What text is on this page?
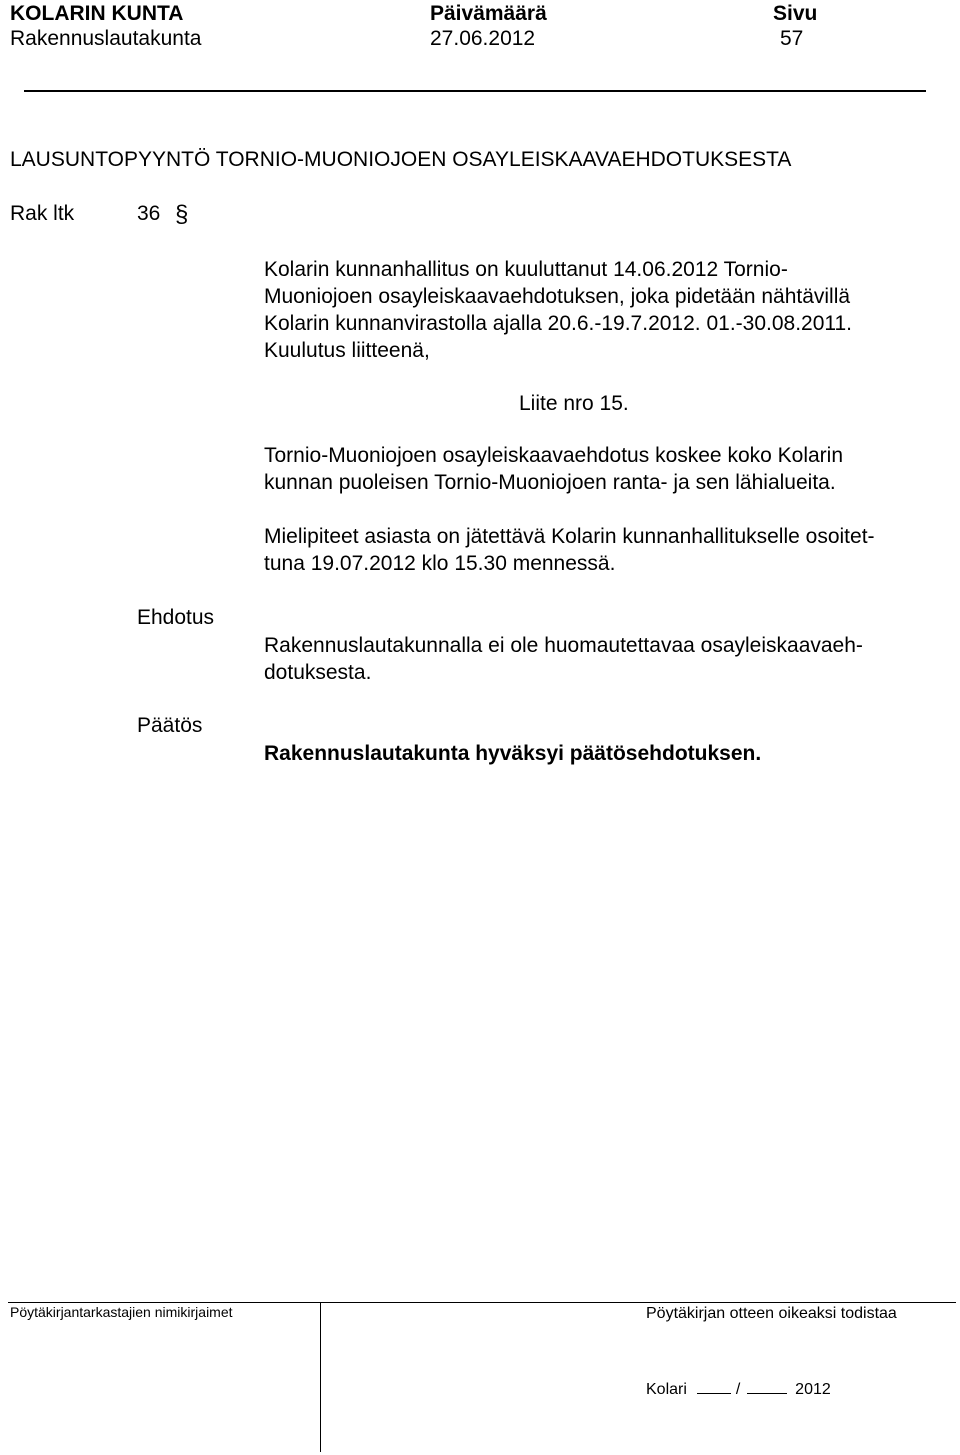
KOLARIN KUNTA
Rakennuslautakunta
Päivämäärä
27.06.2012
Sivu
57
LAUSUNTOPYYNTÖ TORNIO-MUONIOJOEN OSAYLEISKAAVAEHDOTUKSESTA
Rak ltk	36 §
Kolarin kunnanhallitus on kuuluttanut 14.06.2012 Tornio-
Muoniojoen osayleiskaavaehdotuksen, joka pidetään nähtävillä
Kolarin kunnanvirastolla ajalla 20.6.-19.7.2012. 01.-30.08.2011.
Kuulutus liitteenä,
Liite nro 15.
Tornio-Muoniojoen osayleiskaavaehdotus koskee koko Kolarin
kunnan puoleisen Tornio-Muoniojoen ranta- ja sen lähialueita.
Mielipiteet asiasta on jätettävä Kolarin kunnanhallitukselle osoitet-
tuna 19.07.2012 klo 15.30 mennessä.
Ehdotus
Rakennuslautakunnalla ei ole huomautettavaa osayleiskaavaeh-
dotuksesta.
Päätös
Rakennuslautakunta hyväksyi päätösehdotuksen.
Pöytäkirjantarkastajien nimikirjaimet	Pöytäkirjan otteen oikeaksi todistaa
Kolari	/	2012
